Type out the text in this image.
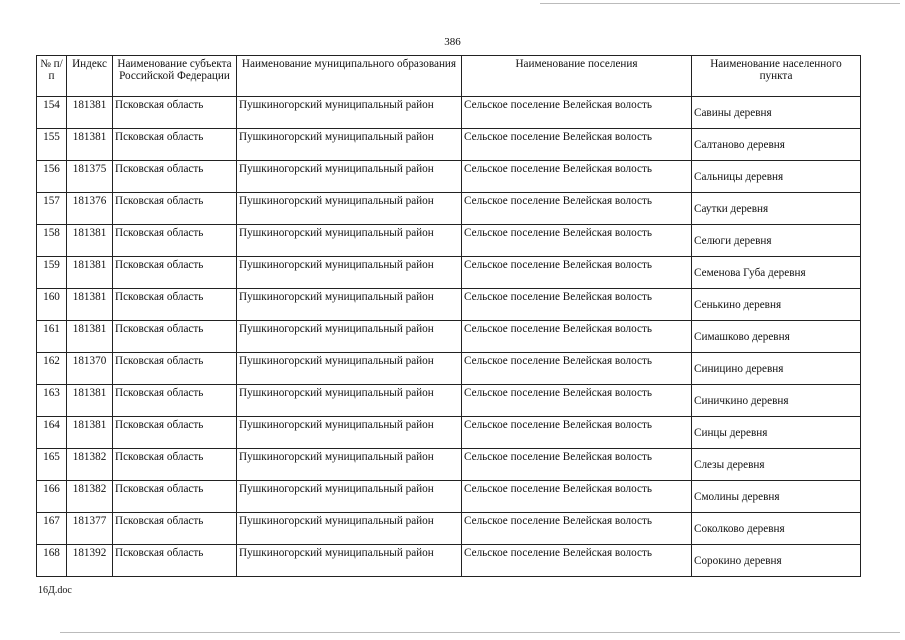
386
№ п/п	Индекс	Наименование субъекта Российской Федерации	Наименование муниципального образования	Наименование поселения	Наименование населенного пункта
154	181381	Псковская область	Пушкиногорский муниципальный район	Сельское поселение Велейская волость	Савины деревня
155	181381	Псковская область	Пушкиногорский муниципальный район	Сельское поселение Велейская волость	Салтаново деревня
156	181375	Псковская область	Пушкиногорский муниципальный район	Сельское поселение Велейская волость	Сальницы деревня
157	181376	Псковская область	Пушкиногорский муниципальный район	Сельское поселение Велейская волость	Саутки деревня
158	181381	Псковская область	Пушкиногорский муниципальный район	Сельское поселение Велейская волость	Селюги деревня
159	181381	Псковская область	Пушкиногорский муниципальный район	Сельское поселение Велейская волость	Семенова Губа деревня
160	181381	Псковская область	Пушкиногорский муниципальный район	Сельское поселение Велейская волость	Сенькино деревня
161	181381	Псковская область	Пушкиногорский муниципальный район	Сельское поселение Велейская волость	Симашково деревня
162	181370	Псковская область	Пушкиногорский муниципальный район	Сельское поселение Велейская волость	Синицино деревня
163	181381	Псковская область	Пушкиногорский муниципальный район	Сельское поселение Велейская волость	Синичкино деревня
164	181381	Псковская область	Пушкиногорский муниципальный район	Сельское поселение Велейская волость	Синцы деревня
165	181382	Псковская область	Пушкиногорский муниципальный район	Сельское поселение Велейская волость	Слезы деревня
166	181382	Псковская область	Пушкиногорский муниципальный район	Сельское поселение Велейская волость	Смолины деревня
167	181377	Псковская область	Пушкиногорский муниципальный район	Сельское поселение Велейская волость	Соколково деревня
168	181392	Псковская область	Пушкиногорский муниципальный район	Сельское поселение Велейская волость	Сорокино деревня
16Д.doc
